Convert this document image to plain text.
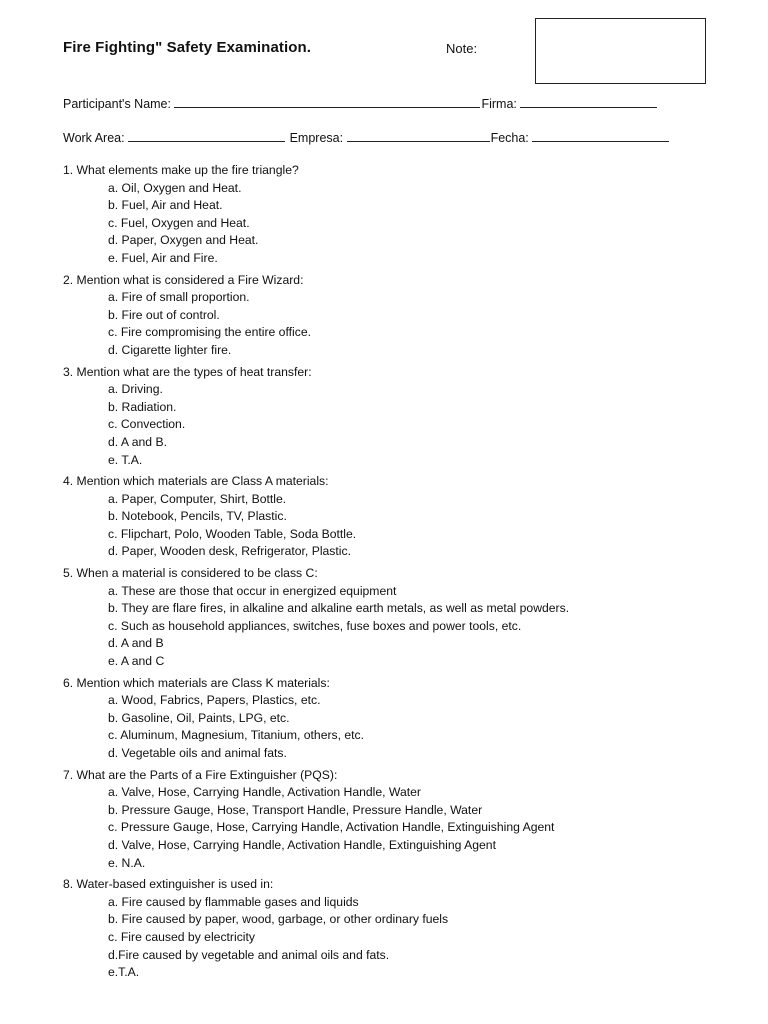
Fire Fighting" Safety Examination.	Note:
Participant's Name:	Firma:
Work Area:	Empresa:	Fecha:
1. What elements make up the fire triangle?
a. Oil, Oxygen and Heat.
b. Fuel, Air and Heat.
c. Fuel, Oxygen and Heat.
d. Paper, Oxygen and Heat.
e. Fuel, Air and Fire.
2. Mention what is considered a Fire Wizard:
a. Fire of small proportion.
b. Fire out of control.
c. Fire compromising the entire office.
d. Cigarette lighter fire.
3. Mention what are the types of heat transfer:
a. Driving.
b. Radiation.
c. Convection.
d. A and B.
e. T.A.
4. Mention which materials are Class A materials:
a. Paper, Computer, Shirt, Bottle.
b. Notebook, Pencils, TV, Plastic.
c. Flipchart, Polo, Wooden Table, Soda Bottle.
d. Paper, Wooden desk, Refrigerator, Plastic.
5. When a material is considered to be class C:
a. These are those that occur in energized equipment
b. They are flare fires, in alkaline and alkaline earth metals, as well as metal powders.
c. Such as household appliances, switches, fuse boxes and power tools, etc.
d. A and B
e. A and C
6. Mention which materials are Class K materials:
a. Wood, Fabrics, Papers, Plastics, etc.
b. Gasoline, Oil, Paints, LPG, etc.
c. Aluminum, Magnesium, Titanium, others, etc.
d. Vegetable oils and animal fats.
7. What are the Parts of a Fire Extinguisher (PQS):
a. Valve, Hose, Carrying Handle, Activation Handle, Water
b. Pressure Gauge, Hose, Transport Handle, Pressure Handle, Water
c. Pressure Gauge, Hose, Carrying Handle, Activation Handle, Extinguishing Agent
d. Valve, Hose, Carrying Handle, Activation Handle, Extinguishing Agent
e. N.A.
8. Water-based extinguisher is used in:
a. Fire caused by flammable gases and liquids
b. Fire caused by paper, wood, garbage, or other ordinary fuels
c. Fire caused by electricity
d.Fire caused by vegetable and animal oils and fats.
e.T.A.
